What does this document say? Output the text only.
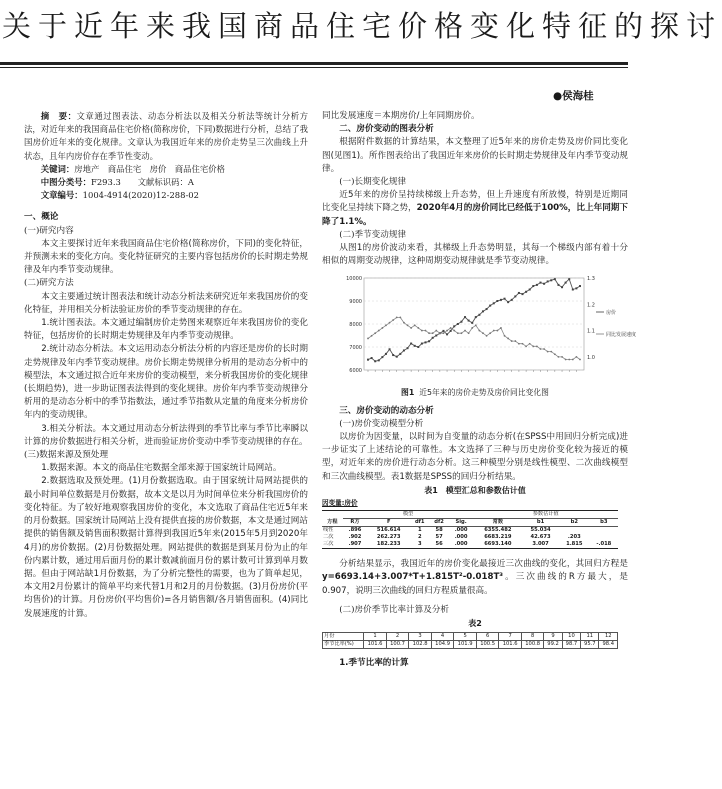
关于近年来我国商品住宅价格变化特征的探讨
●侯海桂

摘　要：文章通过图表法、动态分析法以及相关分析法等统计分析方法，对近年来的我国商品住宅价格(简称房价，下同)数据进行分析，总结了我国房价近年来的变化规律。文章认为我国近年来的房价走势呈三次曲线上升状态，且年内房价存在季节性变动。

关键词：房地产　商品住宅　房价　商品住宅价格

中图分类号：F293.3　　文献标识码：A

文章编号：1004-4914(2020)12-288-02

一、概论

(一)研究内容

本文主要探讨近年来我国商品住宅价格(简称房价，下同)的变化特征，并预测未来的变化方向。变化特征研究的主要内容包括房价的长时期走势规律及年内季节变动规律。

(二)研究方法

本文主要通过统计图表法和统计动态分析法来研究近年来我国房价的变化特征，并用相关分析法验证房价的季节变动规律的存在。

1.统计图表法。本文通过编制房价走势图来观察近年来我国房价的变化特征，包括房价的长时期走势规律及年内季节变动规律。

2.统计动态分析法。本文运用动态分析法分析的内容还是房价的长时期走势规律及年内季节变动规律。房价长期走势规律分析用的是动态分析中的模型法，本文通过拟合近年来房价的变动模型，来分析我国房价的变化规律(长期趋势)，进一步助证图表法得到的变化规律。房价年内季节变动规律分析用的是动态分析中的季节指数法，通过季节指数从定量的角度来分析房价年内的变动规律。

3.相关分析法。本文通过用动态分析法得到的季节比率与季节比率瞬以计算的房价数据进行相关分析，进而验证房价变动中季节变动规律的存在。

(三)数据来源及预处理

1.数据来源。本文的商品住宅数据全部来源于国家统计局网站。

2.数据选取及预处理。(1)月份数据选取。由于国家统计局网站提供的最小时间单位数据是月份数据，故本文是以月为时间单位来分析我国房价的变化特征。为了较好地观察我国房价的变化，本文选取了商品住宅近5年来的月份数据。国家统计局网站上没有提供直接的房价数据，本文是通过网站提供的销售额及销售面积数据计算得到我国近5年来(2015年5月到2020年4月)的房价数据。(2)月份数据处理。网站提供的数据是到某月份为止的年份内累计数，通过用后面月份的累计数减前面月份的累计数可计算到单月数据。但由于网站缺1月份数据，为了分析完整性的需要，也为了简单起见，本文用2月份累计的简单平均来代替1月和2月的月份数据。(3)月份房价(平均售价)的计算。月份房价(平均售价)=各月销售额/各月销售面积。(4)同比发展速度的计算。

同比发展速度＝本期房价/上年同期房价。

二、房价变动的图表分析

根据附件数据的计算结果，本文整理了近5年来的房价走势及房价同比变化图(见图1)。所作图表给出了我国近年来房价的长时期走势规律及年内季节变动规律。

(一)长期变化规律

近5年来的房价呈持续梯级上升态势，但上升速度有所放慢，特别是近期同比变化呈持续下降之势，2020年4月的房价同比已经低于100%，比上年同期下降了1.1%。

(二)季节变动规律

从图1的房价波动来看，其梯级上升态势明显，其每一个梯级内部有着十分相似的周期变动规律，这种周期变动规律就是季节变动规律。

10000
9000
8000
7000
6000
1.3
1.2
1.1
1.0
房价
同比发展速度

图1 近5年来的房价走势及房价同比变化图

三、房价变动的动态分析

(一)房价变动模型分析

以房价为因变量，以时间为自变量的动态分析(在SPSS中用回归分析完成)进一步证实了上述结论的可靠性。本文选择了三种与历史房价变化较为接近的模型，对近年来的房价进行动态分析。这三种模型分别是线性模型、二次曲线模型和三次曲线模型。表1数据是SPSS的回归分析结果。

表1　模型汇总和参数估计值

因变量:房价

	模型					参数估计值			
方程	R方	F	df1	df2	Sig.	常数	b1	b2	b3
线性	.896	516.614	1	58	.000	6355.482	55.034		
二次	.902	262.273	2	57	.000	6683.219	42.673	.203	
三次	.907	182.233	3	56	.000	6693.140	3.007	1.815	-.018

分析结果显示，我国近年的房价变化最接近三次曲线的变化，其回归方程是y=6693.14+3.007*T+1.815T²-0.018T³。三次曲线的R方最大，是0.907，说明三次曲线的回归方程质量很高。

(二)房价季节比率计算及分析

表2

月份	1	2	3	4	5	6	7	8	9	10	11	12
季节比率(%)	101.6	100.7	102.8	104.9	101.9	100.5	101.6	100.8	99.2	98.7	95.7	98.4

1.季节比率的计算
